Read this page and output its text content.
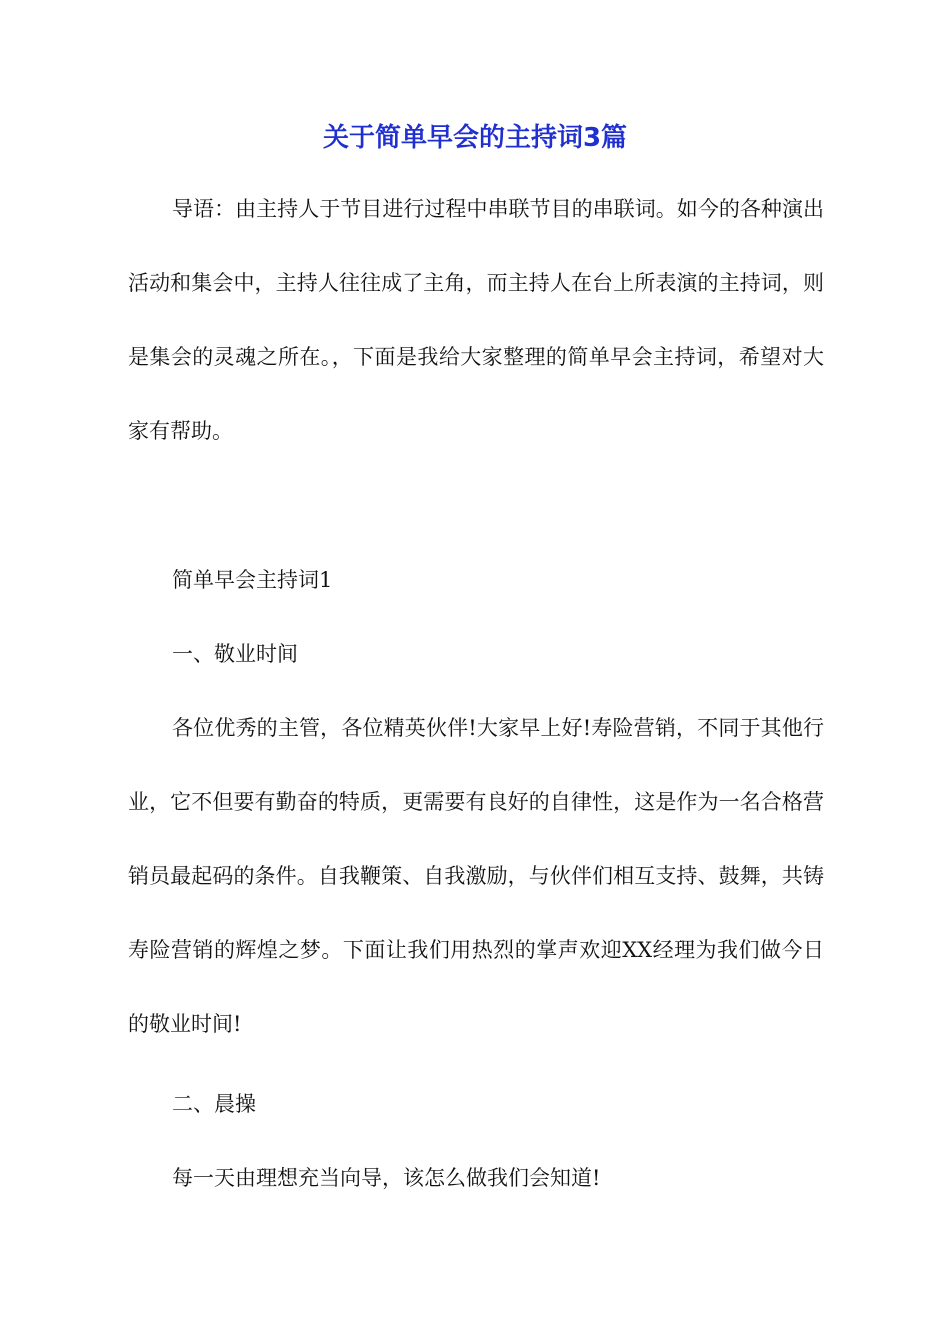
关于简单早会的主持词3篇

导语：由主持人于节目进行过程中串联节目的串联词。如今的各种演出活动和集会中，主持人往往成了主角，而主持人在台上所表演的主持词，则是集会的灵魂之所在。，下面是我给大家整理的简单早会主持词，希望对大家有帮助。

简单早会主持词1

一、敬业时间

各位优秀的主管，各位精英伙伴!大家早上好!寿险营销，不同于其他行业，它不但要有勤奋的特质，更需要有良好的自律性，这是作为一名合格营销员最起码的条件。自我鞭策、自我激励，与伙伴们相互支持、鼓舞，共铸寿险营销的辉煌之梦。下面让我们用热烈的掌声欢迎XX经理为我们做今日的敬业时间!

二、晨操

每一天由理想充当向导，该怎么做我们会知道!
